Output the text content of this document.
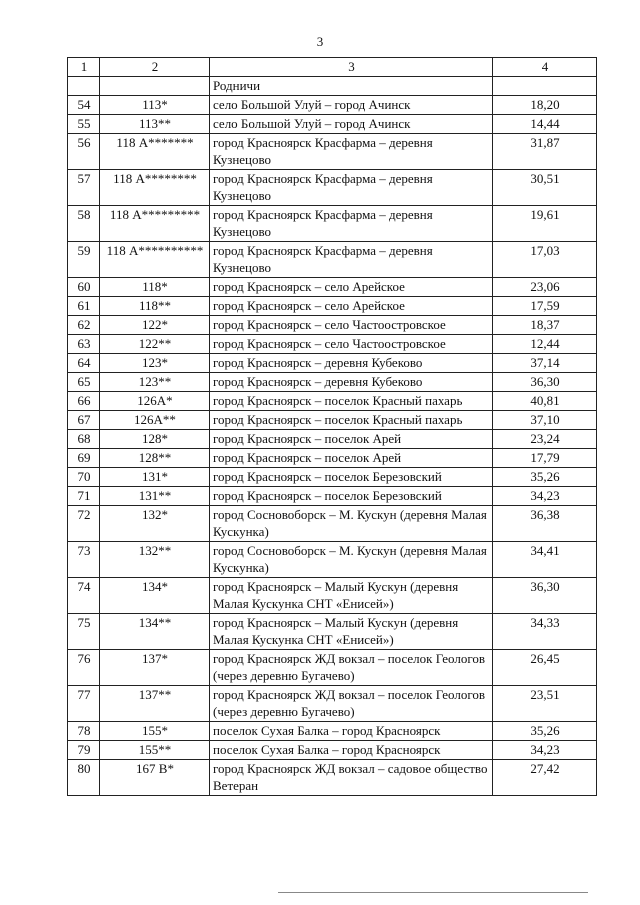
3
1	2	3	4
		Родничи	
54	113*	село Большой Улуй – город Ачинск	18,20
55	113**	село Большой Улуй – город Ачинск	14,44
56	118 А*******	город Красноярск Красфарма – деревня Кузнецово	31,87
57	118 А********	город Красноярск Красфарма – деревня Кузнецово	30,51
58	118 А*********	город Красноярск Красфарма – деревня Кузнецово	19,61
59	118 А**********	город Красноярск Красфарма – деревня Кузнецово	17,03
60	118*	город Красноярск – село Арейское	23,06
61	118**	город Красноярск – село Арейское	17,59
62	122*	город Красноярск – село Частоостровское	18,37
63	122**	город Красноярск – село Частоостровское	12,44
64	123*	город Красноярск – деревня Кубеково	37,14
65	123**	город Красноярск – деревня Кубеково	36,30
66	126А*	город Красноярск – поселок Красный пахарь	40,81
67	126А**	город Красноярск – поселок Красный пахарь	37,10
68	128*	город Красноярск – поселок Арей	23,24
69	128**	город Красноярск – поселок Арей	17,79
70	131*	город Красноярск – поселок Березовский	35,26
71	131**	город Красноярск – поселок Березовский	34,23
72	132*	город Сосновоборск – М. Кускун (деревня Малая Кускунка)	36,38
73	132**	город Сосновоборск – М. Кускун (деревня Малая Кускунка)	34,41
74	134*	город Красноярск – Малый Кускун (деревня Малая Кускунка СНТ «Енисей»)	36,30
75	134**	город Красноярск – Малый Кускун (деревня Малая Кускунка СНТ «Енисей»)	34,33
76	137*	город Красноярск ЖД вокзал – поселок Геологов (через деревню Бугачево)	26,45
77	137**	город Красноярск ЖД вокзал – поселок Геологов (через деревню Бугачево)	23,51
78	155*	поселок Сухая Балка – город Красноярск	35,26
79	155**	поселок Сухая Балка – город Красноярск	34,23
80	167 В*	город Красноярск ЖД вокзал – садовое общество Ветеран	27,42
